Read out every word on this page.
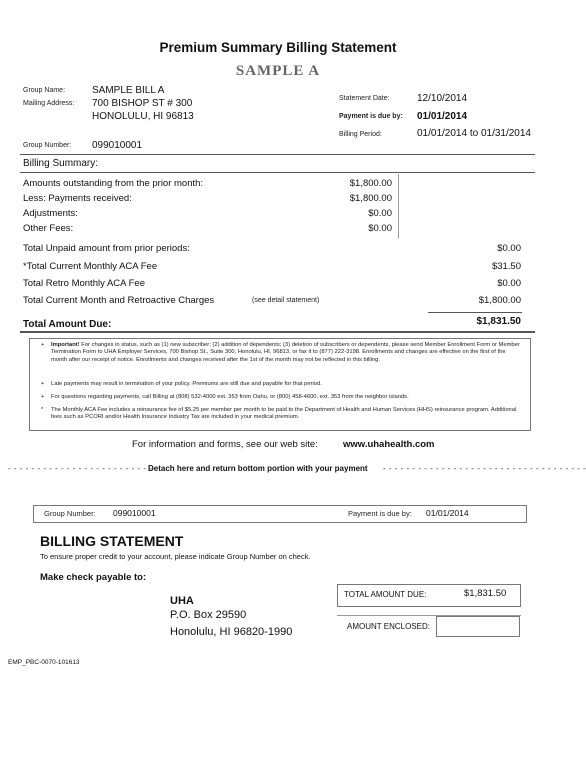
Premium Summary Billing Statement
SAMPLE A
Group Name:	SAMPLE BILL A
Mailing Address: 700 BISHOP ST # 300
HONOLULU, HI 96813
Group Number: 099010001
Statement Date:	12/10/2014
Payment is due by: 01/01/2014
Billing Period:	01/01/2014 to 01/31/2014
Billing Summary:
Amounts outstanding from the prior month:	$1,800.00
Less: Payments received:	$1,800.00
Adjustments:	$0.00
Other Fees:	$0.00
Total Unpaid amount from prior periods:	$0.00
*Total Current Monthly ACA Fee	$31.50
Total Retro Monthly ACA Fee	$0.00
Total Current Month and Retroactive Charges	(see detail statement)	$1,800.00
Total Amount Due:	$1,831.50
+ Important! For changes in status, such as (1) new subscriber; (2) addition of dependents; (3) deletion of subscribers or dependents, please send Member Enrollment Form or Member Termination Form to UHA Employer Services, 700 Bishop St., Suite 300, Honolulu, HI, 96813, or fax it to (877) 222-3198. Enrollments and changes are effective on the first of the month after our receipt of notice. Enrollments and changes received after the 1st of the month may not be reflected in this billing.
+ Late payments may result in termination of your policy. Premiums are still due and payable for that period.
+ For questions regarding payments, call Billing at (808) 532-4000 ext. 353 from Oahu, or (800) 458-4600, ext. 353 from the neighbor islands.
* The Monthly ACA Fee includes a reinsurance fee of $5.25 per member per month to be paid to the Department of Health and Human Services (HHS) reinsurance program. Additional fees such as PCORI and/or Health Insurance Industry Tax are included in your medical premium.
For information and forms, see our web site:	www.uhahealth.com
- - - - - - - - - - - - - - - - - - - - - - - - - - -
Detach here and return bottom portion with your payment - - - - - - - - - - - - - - - - - - - - - - - - - - - - - - - - - - -
Group Number: 099010001	Payment is due by: 01/01/2014
BILLING STATEMENT
To ensure proper credit to your account, please indicate Group Number on check.
Make check payable to:
UHA
P.O. Box 29590
Honolulu, HI 96820-1990
TOTAL AMOUNT DUE:	$1,831.50
AMOUNT ENCLOSED:
EMP_PBC-0070-101613
